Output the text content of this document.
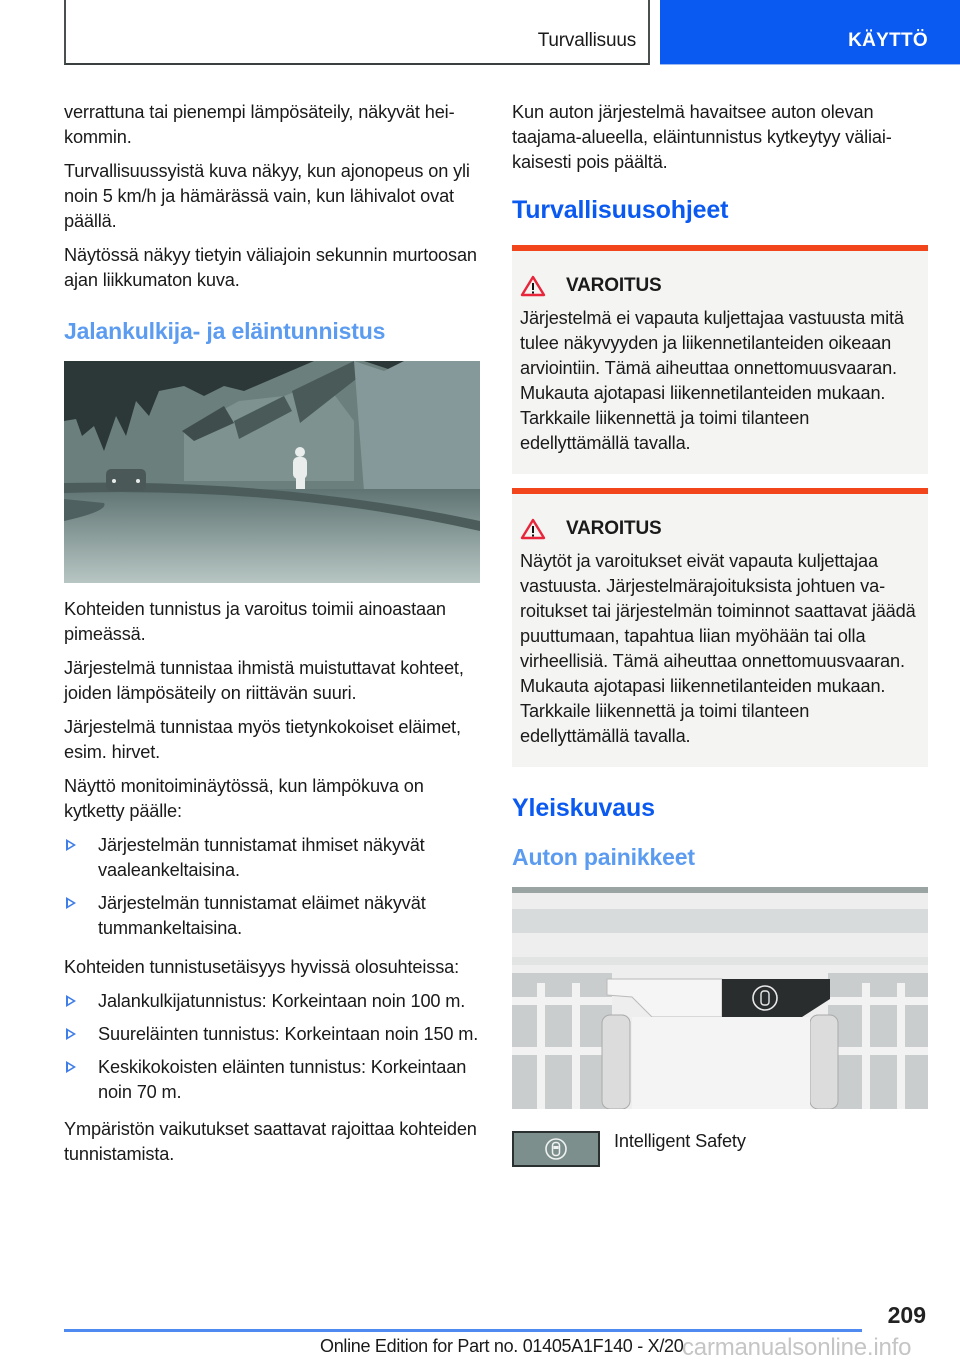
Turvallisuus	KÄYTTÖ

verrattuna tai pienempi lämpösäteily, näkyvät heikommin.

Turvallisuussyistä kuva näkyy, kun ajonopeus on yli noin 5 km/h ja hämärässä vain, kun lähivalot ovat päällä.

Näytössä näkyy tietyin väliajoin sekunnin murtoosan ajan liikkumaton kuva.

Jalankulkija- ja eläintunnistus

Kohteiden tunnistus ja varoitus toimii ainoastaan pimeässä.

Järjestelmä tunnistaa ihmistä muistuttavat kohteet, joiden lämpösäteily on riittävän suuri.

Järjestelmä tunnistaa myös tietynkokoiset eläimet, esim. hirvet.

Näyttö monitoiminäytössä, kun lämpökuva on kytketty päälle:

Järjestelmän tunnistamat ihmiset näkyvät vaaleankeltaisina.
Järjestelmän tunnistamat eläimet näkyvät tummankeltaisina.

Kohteiden tunnistusetäisyys hyvissä olosuhteissa:

Jalankulkijatunnistus: Korkeintaan noin 100 m.
Suureläinten tunnistus: Korkeintaan noin 150 m.
Keskikokoisten eläinten tunnistus: Korkeintaan noin 70 m.

Ympäristön vaikutukset saattavat rajoittaa kohteiden tunnistamista.

Kun auton järjestelmä havaitsee auton olevan taajama-alueella, eläintunnistus kytkeytyy väliaikaisesti pois päältä.

Turvallisuusohjeet
VAROITUS
Järjestelmä ei vapauta kuljettajaa vastuusta mitä tulee näkyvyyden ja liikennetilanteiden oikeaan arviointiin. Tämä aiheuttaa onnettomuusvaaran. Mukauta ajotapasi liikennetilanteiden mukaan. Tarkkaile liikennettä ja toimi tilanteen edellyttämällä tavalla.
VAROITUS
Näytöt ja varoitukset eivät vapauta kuljettajaa vastuusta. Järjestelmärajoituksista johtuen varoitukset tai järjestelmän toiminnot saattavat jäädä puuttumaan, tapahtua liian myöhään tai olla virheellisiä. Tämä aiheuttaa onnettomuusvaaran. Mukauta ajotapasi liikennetilanteiden mukaan. Tarkkaile liikennettä ja toimi tilanteen edellyttämällä tavalla.
Yleiskuvaus
Auton painikkeet
Intelligent Safety
209
Online Edition for Part no. 01405A1F140 - X/20
carmanualsonline.info
